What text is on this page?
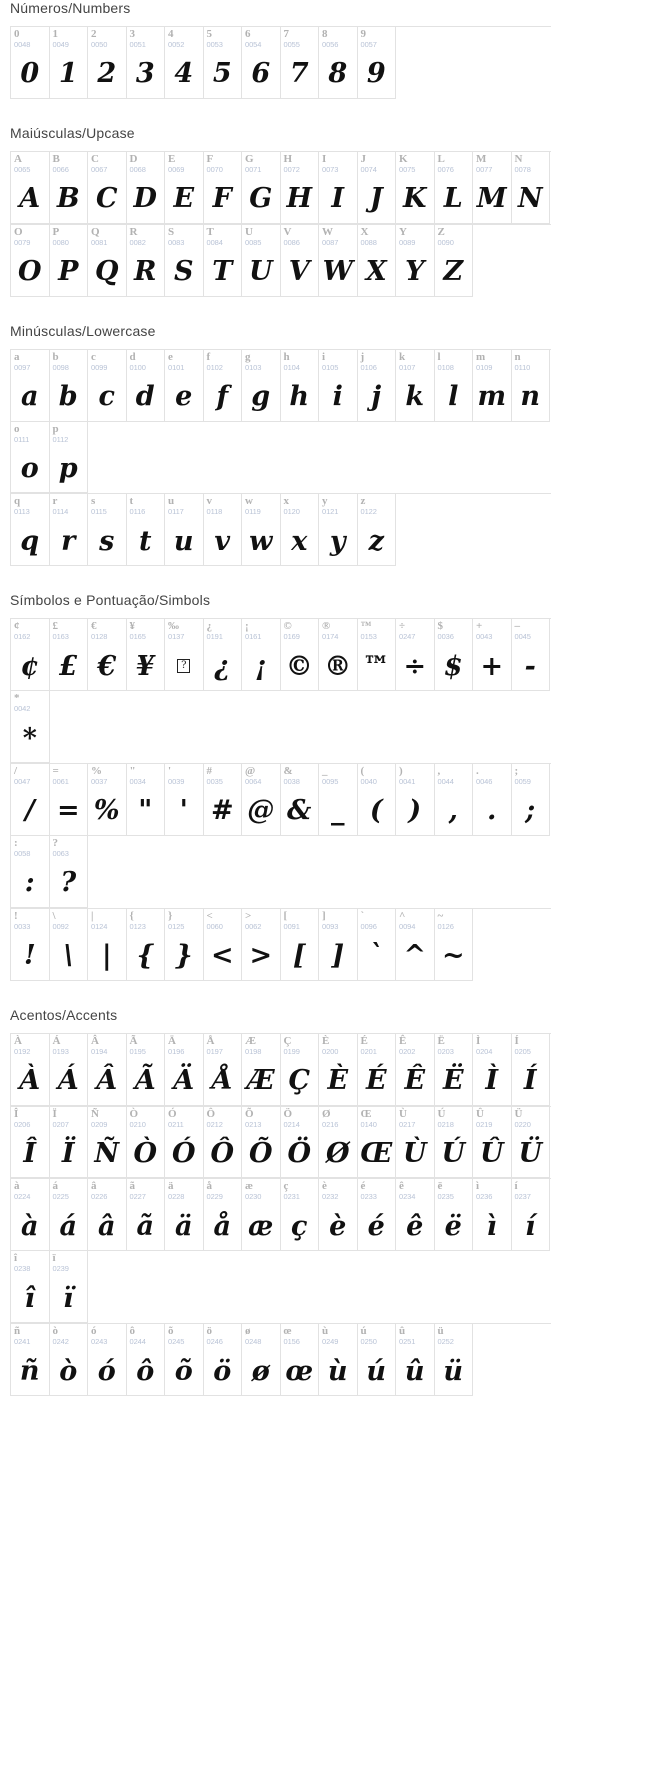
Números/Numbers
0
0048
0
1
0049
1
2
0050
2
3
0051
3
4
0052
4
5
0053
5
6
0054
6
7
0055
7
8
0056
8
9
0057
9
Maiúsculas/Upcase
A
0065
A
B
0066
B
C
0067
C
D
0068
D
E
0069
E
F
0070
F
G
0071
G
H
0072
H
I
0073
I
J
0074
J
K
0075
K
L
0076
L
M
0077
M
N
0078
N
O
0079
O
P
0080
P
Q
0081
Q
R
0082
R
S
0083
S
T
0084
T
U
0085
U
V
0086
V
W
0087
W
X
0088
X
Y
0089
Y
Z
0090
Z
Minúsculas/Lowercase
a
0097
a
b
0098
b
c
0099
c
d
0100
d
e
0101
e
f
0102
f
g
0103
g
h
0104
h
i
0105
i
j
0106
j
k
0107
k
l
0108
l
m
0109
m
n
0110
n
o
0111
o
p
0112
p
q
0113
q
r
0114
r
s
0115
s
t
0116
t
u
0117
u
v
0118
v
w
0119
w
x
0120
x
y
0121
y
z
0122
z
Símbolos e Pontuação/Simbols
¢
0162
¢
£
0163
£
€
0128
€
¥
0165
¥
‰
0137
?
¿
0191
¿
¡
0161
¡
©
0169
©
®
0174
®
™
0153
™
÷
0247
÷
$
0036
$
+
0043
+
–
0045
-
*
0042
*
/
0047
/
=
0061
=
%
0037
%
"
0034
"
'
0039
'
#
0035
#
@
0064
@
&
0038
&
_
0095
_
(
0040
(
)
0041
)
,
0044
,
.
0046
.
;
0059
;
:
0058
:
?
0063
?
!
0033
!
\
0092
\
|
0124
|
{
0123
{
}
0125
}
<
0060
<
>
0062
>
[
0091
[
]
0093
]
`
0096
`
^
0094
^
~
0126
~
Acentos/Accents
À
0192
À
Á
0193
Á
Â
0194
Â
Ã
0195
Ã
Ä
0196
Ä
Å
0197
Å
Æ
0198
Æ
Ç
0199
Ç
È
0200
È
É
0201
É
Ê
0202
Ê
Ë
0203
Ë
Ì
0204
Ì
Í
0205
Í
Î
0206
Î
Ï
0207
Ï
Ñ
0209
Ñ
Ò
0210
Ò
Ó
0211
Ó
Ô
0212
Ô
Õ
0213
Õ
Ö
0214
Ö
Ø
0216
Ø
Œ
0140
Œ
Ù
0217
Ù
Ú
0218
Ú
Û
0219
Û
Ü
0220
Ü
à
0224
à
á
0225
á
â
0226
â
ã
0227
ã
ä
0228
ä
å
0229
å
æ
0230
æ
ç
0231
ç
è
0232
è
é
0233
é
ê
0234
ê
ë
0235
ë
ì
0236
ì
í
0237
í
î
0238
î
ï
0239
ï
ñ
0241
ñ
ò
0242
ò
ó
0243
ó
ô
0244
ô
õ
0245
õ
ö
0246
ö
ø
0248
ø
œ
0156
œ
ù
0249
ù
ú
0250
ú
û
0251
û
ü
0252
ü
